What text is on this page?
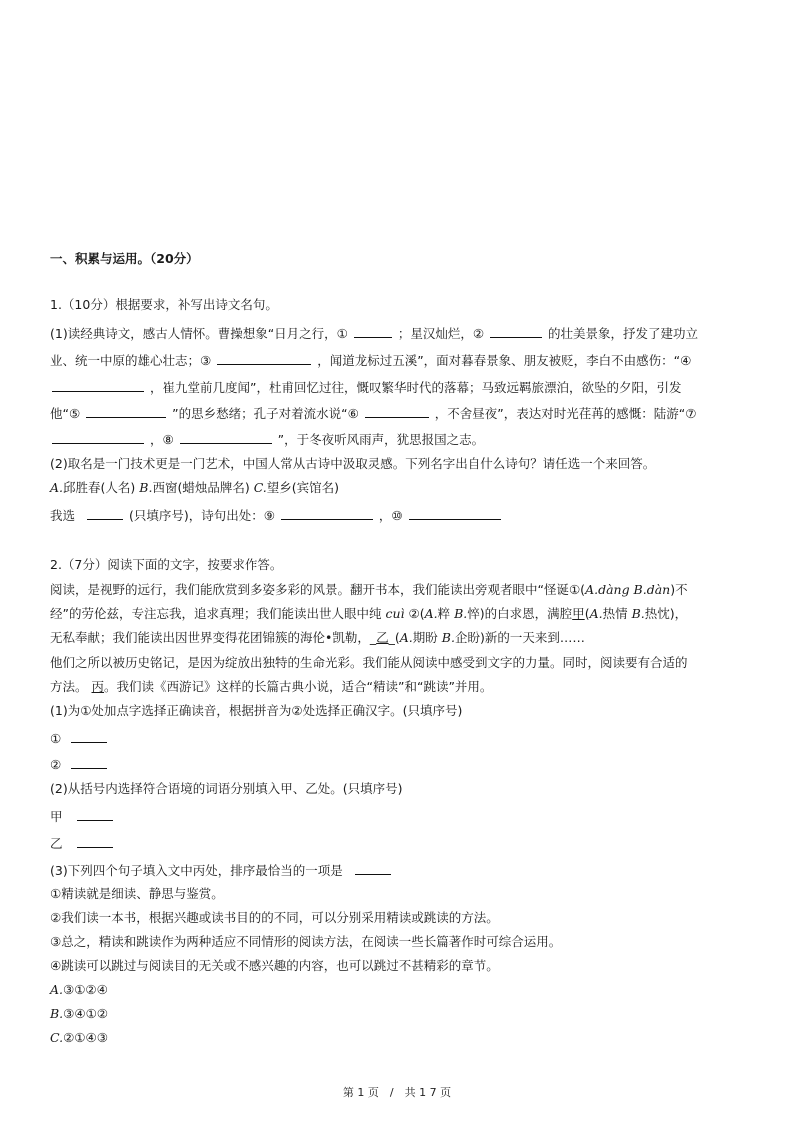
一、积累与运用。（20分）
1.（10分）根据要求，补写出诗文名句。
(1)读经典诗文，感古人情怀。曹操想象“日月之行，①	；星汉灿烂，②	的壮美景象，抒发了建功立
业、统一中原的雄心壮志；③	，闻道龙标过五溪”，面对暮春景象、朋友被贬，李白不由感伤：“④
，崔九堂前几度闻”，杜甫回忆过往，慨叹繁华时代的落幕；马致远羁旅漂泊，欲坠的夕阳，引发
他“⑤	”的思乡愁绪；孔子对着流水说“⑥	，不舍昼夜”，表达对时光荏苒的感慨：陆游“⑦
，⑧	”，于冬夜听风雨声，犹思报国之志。
(2)取名是一门技术更是一门艺术，中国人常从古诗中汲取灵感。下列名字出自什么诗句？请任选一个来回答。
A.邱胜春(人名) B.西窗(蜡烛品牌名) C.望乡(宾馆名)
我选	(只填序号)，诗句出处：⑨	，⑩
2.（7分）阅读下面的文字，按要求作答。
阅读，是视野的远行，我们能欣赏到多姿多彩的风景。翻开书本，我们能读出旁观者眼中“怪诞①(A.dàng B.dàn)不
经”的劳伦兹，专注忘我，追求真理；我们能读出世人眼中纯 cuì ②(A.粹 B.悴)的白求恩，满腔甲(A.热情 B.热忱)，
无私奉献；我们能读出因世界变得花团锦簇的海伦•凯勒，_乙_(A.期盼 B.企盼)新的一天来到……
他们之所以被历史铭记，是因为绽放出独特的生命光彩。我们能从阅读中感受到文字的力量。同时，阅读要有合适的
方法。 丙。我们读《西游记》这样的长篇古典小说，适合“精读”和“跳读”并用。
(1)为①处加点字选择正确读音，根据拼音为②处选择正确汉字。(只填序号)
①
②
(2)从括号内选择符合语境的词语分别填入甲、乙处。(只填序号)
甲
乙
(3)下列四个句子填入文中丙处，排序最恰当的一项是
①精读就是细读、静思与鉴赏。
②我们读一本书，根据兴趣或读书目的的不同，可以分别采用精读或跳读的方法。
③总之，精读和跳读作为两种适应不同情形的阅读方法，在阅读一些长篇著作时可综合运用。
④跳读可以跳过与阅读目的无关或不感兴趣的内容，也可以跳过不甚精彩的章节。
A.③①②④
B.③④①②
C.②①④③
第 1 页　/　共 1 7 页
